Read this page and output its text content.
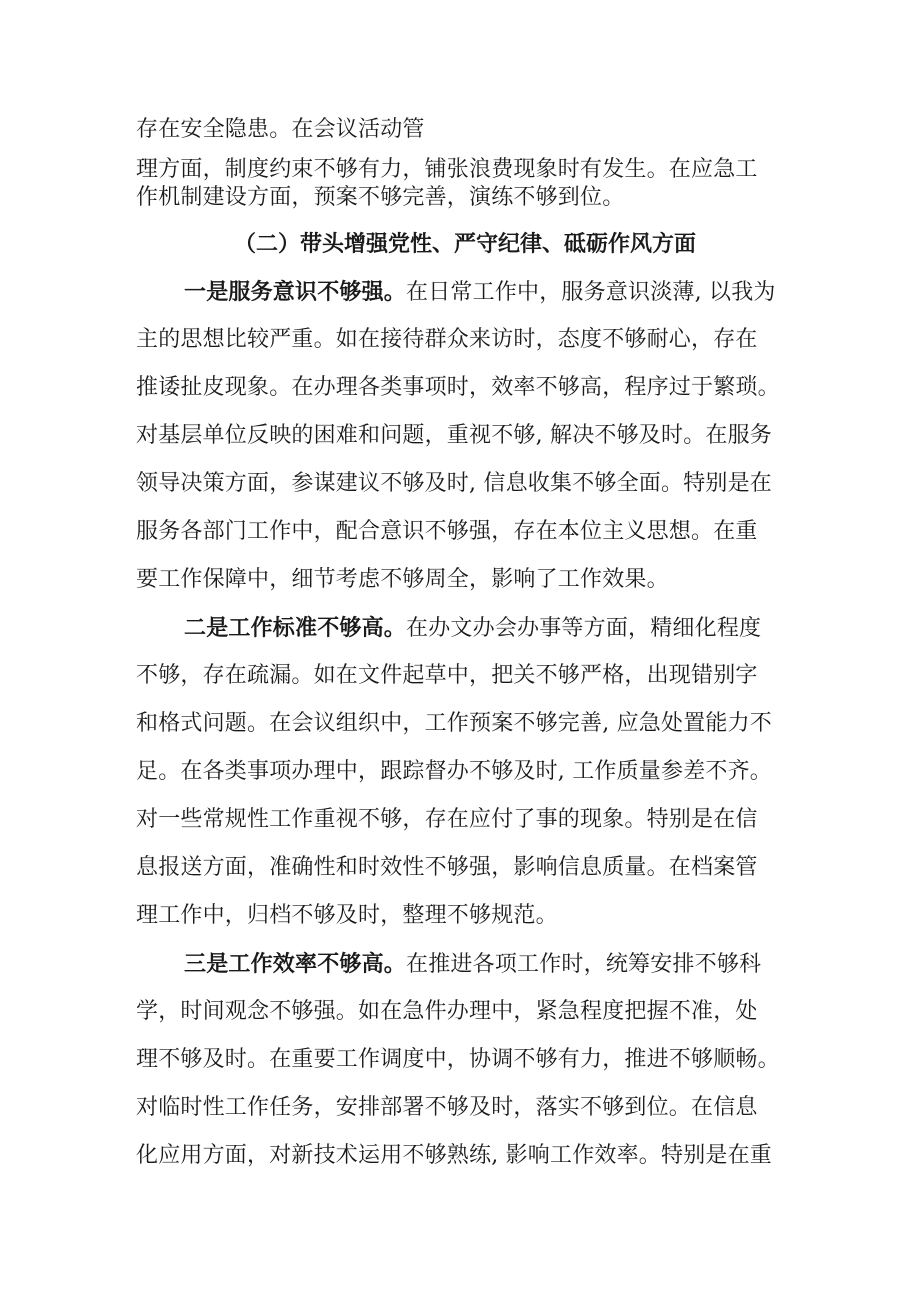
存在安全隐患。在会议活动管
理方面，制度约束不够有力，铺张浪费现象时有发生。在应急工
作机制建设方面，预案不够完善，演练不够到位。
（二）带头增强党性、严守纪律、砥砺作风方面
一是服务意识不够强。在日常工作中，服务意识淡薄, 以我为
主的思想比较严重。如在接待群众来访时，态度不够耐心，存在
推诿扯皮现象。在办理各类事项时，效率不够高，程序过于繁琐。
对基层单位反映的困难和问题，重视不够, 解决不够及时。在服务
领导决策方面，参谋建议不够及时, 信息收集不够全面。特别是在
服务各部门工作中，配合意识不够强，存在本位主义思想。在重
要工作保障中，细节考虑不够周全，影响了工作效果。
二是工作标准不够高。在办文办会办事等方面，精细化程度
不够，存在疏漏。如在文件起草中，把关不够严格，出现错别字
和格式问题。在会议组织中，工作预案不够完善, 应急处置能力不
足。在各类事项办理中，跟踪督办不够及时, 工作质量参差不齐。
对一些常规性工作重视不够，存在应付了事的现象。特别是在信
息报送方面，准确性和时效性不够强，影响信息质量。在档案管
理工作中，归档不够及时，整理不够规范。
三是工作效率不够高。在推进各项工作时，统筹安排不够科
学，时间观念不够强。如在急件办理中，紧急程度把握不准，处
理不够及时。在重要工作调度中，协调不够有力，推进不够顺畅。
对临时性工作任务，安排部署不够及时，落实不够到位。在信息
化应用方面，对新技术运用不够熟练, 影响工作效率。特别是在重
